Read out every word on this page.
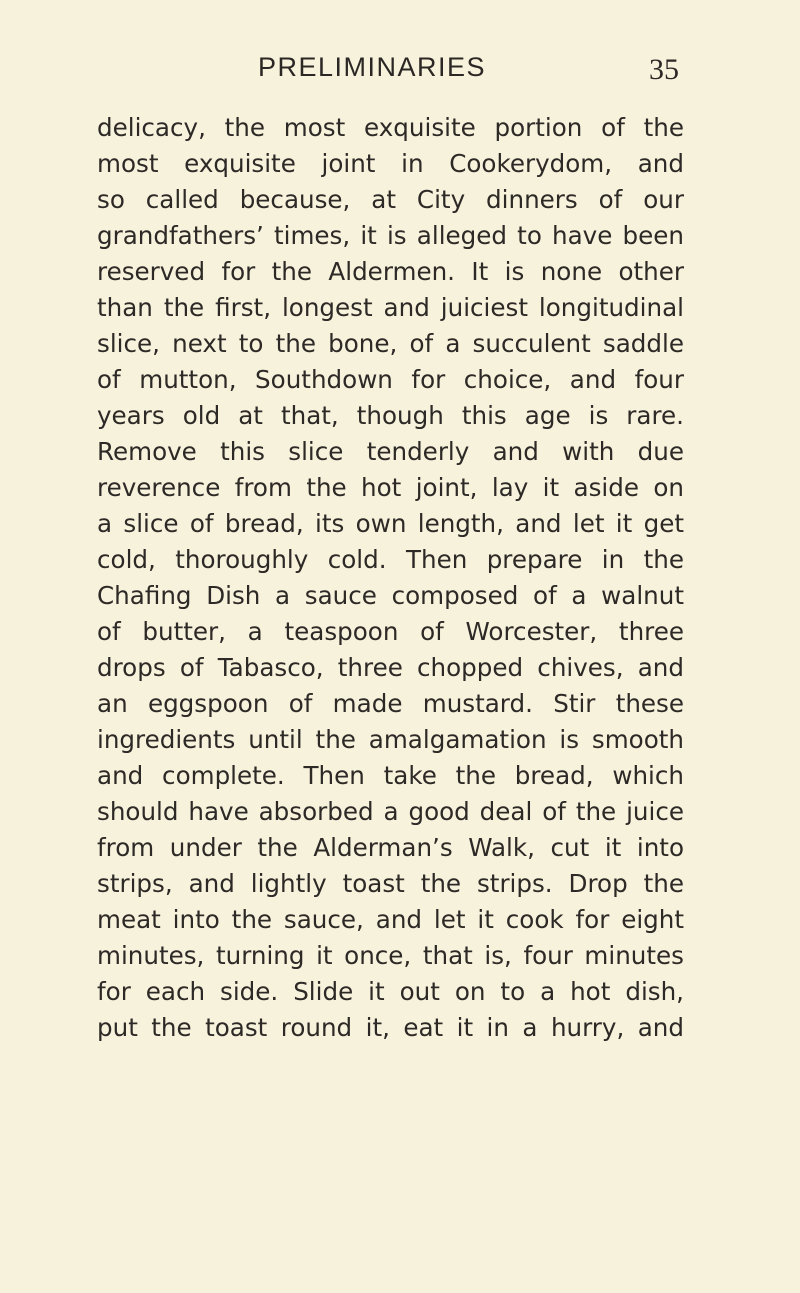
PRELIMINARIES	35
delicacy, the most exquisite portion of the
most exquisite joint in Cookerydom, and
so called because, at City dinners of our
grandfathers’ times, it is alleged to have been
reserved for the Aldermen. It is none other
than the first, longest and juiciest longitudinal
slice, next to the bone, of a succulent saddle
of mutton, Southdown for choice, and four
years old at that, though this age is rare.
Remove this slice tenderly and with due
reverence from the hot joint, lay it aside on
a slice of bread, its own length, and let it get
cold, thoroughly cold. Then prepare in the
Chafing Dish a sauce composed of a walnut
of butter, a teaspoon of Worcester, three
drops of Tabasco, three chopped chives, and
an eggspoon of made mustard. Stir these
ingredients until the amalgamation is smooth
and complete. Then take the bread, which
should have absorbed a good deal of the juice
from under the Alderman’s Walk, cut it into
strips, and lightly toast the strips. Drop the
meat into the sauce, and let it cook for eight
minutes, turning it once, that is, four minutes
for each side. Slide it out on to a hot dish,
put the toast round it, eat it in a hurry, and
